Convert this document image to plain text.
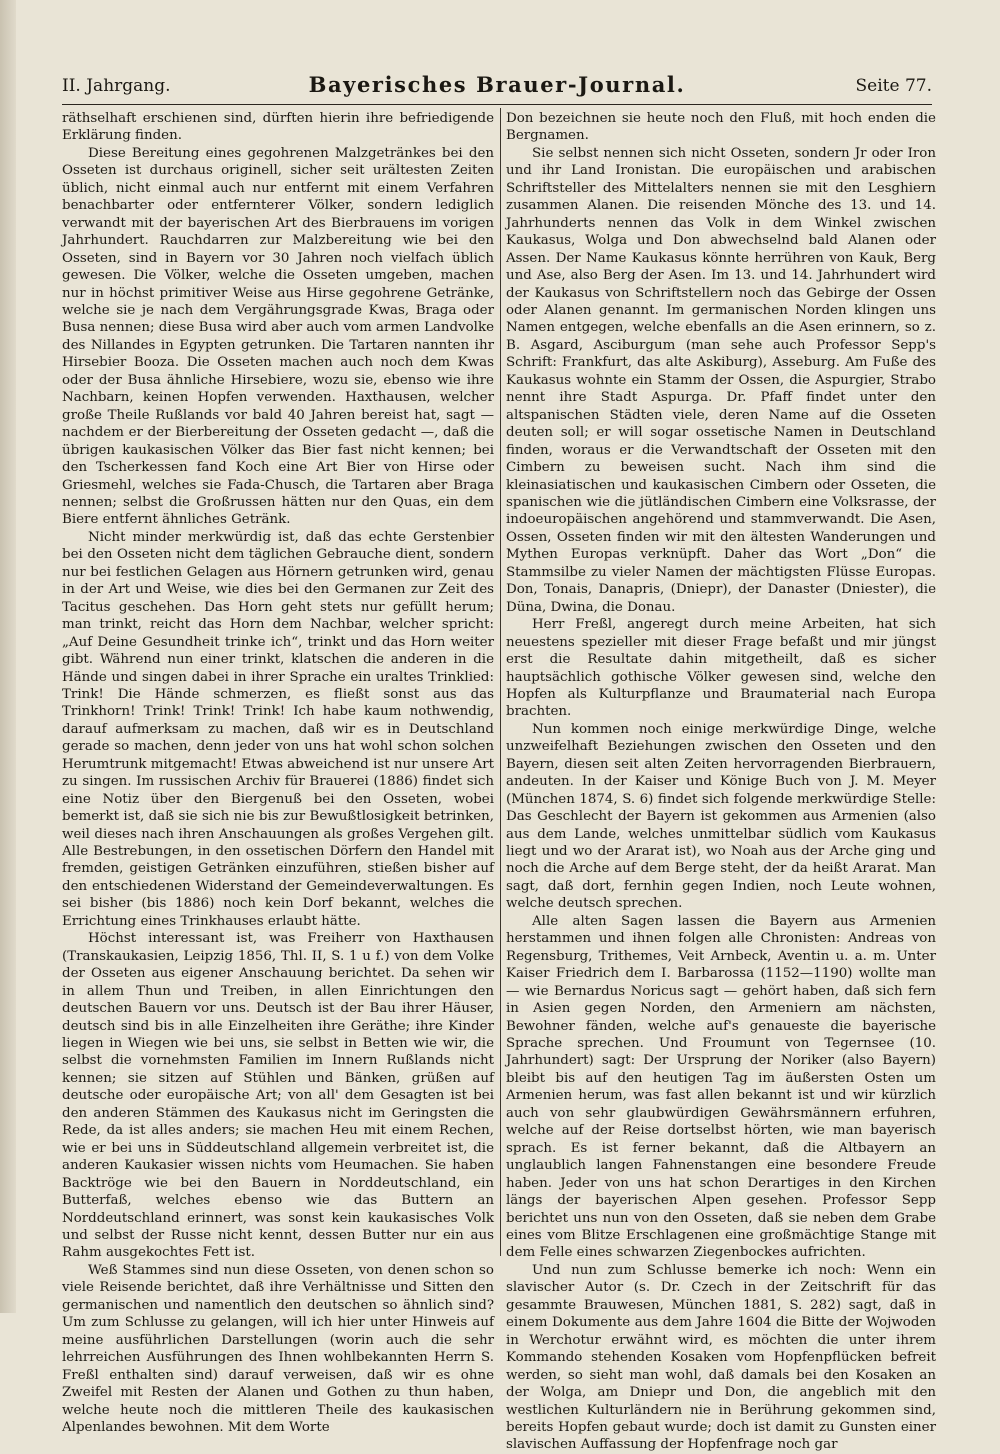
II. Jahrgang.	Bayerisches Brauer-Journal.	Seite 77.

räthselhaft erschienen sind, dürften hierin ihre befriedigende Erklärung finden.

Diese Bereitung eines gegohrenen Malzgetränkes bei den Osseten ist durchaus originell, sicher seit urältesten Zeiten üblich, nicht einmal auch nur entfernt mit einem Verfahren benachbarter oder entfernterer Völker, sondern lediglich verwandt mit der bayerischen Art des Bierbrauens im vorigen Jahrhundert. Rauchdarren zur Malzbereitung wie bei den Osseten, sind in Bayern vor 30 Jahren noch vielfach üblich gewesen. Die Völker, welche die Osseten umgeben, machen nur in höchst primitiver Weise aus Hirse gegohrene Getränke, welche sie je nach dem Vergährungsgrade Kwas, Braga oder Busa nennen; diese Busa wird aber auch vom armen Landvolke des Nillandes in Egypten getrunken. Die Tartaren nannten ihr Hirsebier Booza. Die Osseten machen auch noch dem Kwas oder der Busa ähnliche Hirsebiere, wozu sie, ebenso wie ihre Nachbarn, keinen Hopfen verwenden. Haxthausen, welcher große Theile Rußlands vor bald 40 Jahren bereist hat, sagt — nachdem er der Bierbereitung der Osseten gedacht —, daß die übrigen kaukasischen Völker das Bier fast nicht kennen; bei den Tscherkessen fand Koch eine Art Bier von Hirse oder Griesmehl, welches sie Fada-Chusch, die Tartaren aber Braga nennen; selbst die Großrussen hätten nur den Quas, ein dem Biere entfernt ähnliches Getränk.

Nicht minder merkwürdig ist, daß das echte Gerstenbier bei den Osseten nicht dem täglichen Gebrauche dient, sondern nur bei festlichen Gelagen aus Hörnern getrunken wird, genau in der Art und Weise, wie dies bei den Germanen zur Zeit des Tacitus geschehen. Das Horn geht stets nur gefüllt herum; man trinkt, reicht das Horn dem Nachbar, welcher spricht: „Auf Deine Gesundheit trinke ich“, trinkt und das Horn weiter gibt. Während nun einer trinkt, klatschen die anderen in die Hände und singen dabei in ihrer Sprache ein uraltes Trinklied: Trink! Die Hände schmerzen, es fließt sonst aus das Trinkhorn! Trink! Trink! Trink! Ich habe kaum nothwendig, darauf aufmerksam zu machen, daß wir es in Deutschland gerade so machen, denn jeder von uns hat wohl schon solchen Herumtrunk mitgemacht! Etwas abweichend ist nur unsere Art zu singen. Im russischen Archiv für Brauerei (1886) findet sich eine Notiz über den Biergenuß bei den Osseten, wobei bemerkt ist, daß sie sich nie bis zur Bewußtlosigkeit betrinken, weil dieses nach ihren Anschauungen als großes Vergehen gilt. Alle Bestrebungen, in den ossetischen Dörfern den Handel mit fremden, geistigen Getränken einzuführen, stießen bisher auf den entschiedenen Widerstand der Gemeindeverwaltungen. Es sei bisher (bis 1886) noch kein Dorf bekannt, welches die Errichtung eines Trinkhauses erlaubt hätte.

Höchst interessant ist, was Freiherr von Haxthausen (Transkaukasien, Leipzig 1856, Thl. II, S. 1 u f.) von dem Volke der Osseten aus eigener Anschauung berichtet. Da sehen wir in allem Thun und Treiben, in allen Einrichtungen den deutschen Bauern vor uns. Deutsch ist der Bau ihrer Häuser, deutsch sind bis in alle Einzelheiten ihre Geräthe; ihre Kinder liegen in Wiegen wie bei uns, sie selbst in Betten wie wir, die selbst die vornehmsten Familien im Innern Rußlands nicht kennen; sie sitzen auf Stühlen und Bänken, grüßen auf deutsche oder europäische Art; von all' dem Gesagten ist bei den anderen Stämmen des Kaukasus nicht im Geringsten die Rede, da ist alles anders; sie machen Heu mit einem Rechen, wie er bei uns in Süddeutschland allgemein verbreitet ist, die anderen Kaukasier wissen nichts vom Heumachen. Sie haben Backtröge wie bei den Bauern in Norddeutschland, ein Butterfaß, welches ebenso wie das Buttern an Norddeutschland erinnert, was sonst kein kaukasisches Volk und selbst der Russe nicht kennt, dessen Butter nur ein aus Rahm ausgekochtes Fett ist.

Weß Stammes sind nun diese Osseten, von denen schon so viele Reisende berichtet, daß ihre Verhältnisse und Sitten den germanischen und namentlich den deutschen so ähnlich sind? Um zum Schlusse zu gelangen, will ich hier unter Hinweis auf meine ausführlichen Darstellungen (worin auch die sehr lehrreichen Ausführungen des Ihnen wohlbekannten Herrn S. Freßl enthalten sind) darauf verweisen, daß wir es ohne Zweifel mit Resten der Alanen und Gothen zu thun haben, welche heute noch die mittleren Theile des kaukasischen Alpenlandes bewohnen. Mit dem Worte

Don bezeichnen sie heute noch den Fluß, mit hoch enden die Bergnamen.

Sie selbst nennen sich nicht Osseten, sondern Jr oder Iron und ihr Land Ironistan. Die europäischen und arabischen Schriftsteller des Mittelalters nennen sie mit den Lesghiern zusammen Alanen. Die reisenden Mönche des 13. und 14. Jahrhunderts nennen das Volk in dem Winkel zwischen Kaukasus, Wolga und Don abwechselnd bald Alanen oder Assen. Der Name Kaukasus könnte herrühren von Kauk, Berg und Ase, also Berg der Asen. Im 13. und 14. Jahrhundert wird der Kaukasus von Schriftstellern noch das Gebirge der Ossen oder Alanen genannt. Im germanischen Norden klingen uns Namen entgegen, welche ebenfalls an die Asen erinnern, so z. B. Asgard, Asciburgum (man sehe auch Professor Sepp's Schrift: Frankfurt, das alte Askiburg), Asseburg. Am Fuße des Kaukasus wohnte ein Stamm der Ossen, die Aspurgier, Strabo nennt ihre Stadt Aspurga. Dr. Pfaff findet unter den altspanischen Städten viele, deren Name auf die Osseten deuten soll; er will sogar ossetische Namen in Deutschland finden, woraus er die Verwandtschaft der Osseten mit den Cimbern zu beweisen sucht. Nach ihm sind die kleinasiatischen und kaukasischen Cimbern oder Osseten, die spanischen wie die jütländischen Cimbern eine Volksrasse, der indoeuropäischen angehörend und stammverwandt. Die Asen, Ossen, Osseten finden wir mit den ältesten Wanderungen und Mythen Europas verknüpft. Daher das Wort „Don“ die Stammsilbe zu vieler Namen der mächtigsten Flüsse Europas. Don, Tonais, Danapris, (Dniepr), der Danaster (Dniester), die Düna, Dwina, die Donau.

Herr Freßl, angeregt durch meine Arbeiten, hat sich neuestens spezieller mit dieser Frage befaßt und mir jüngst erst die Resultate dahin mitgetheilt, daß es sicher hauptsächlich gothische Völker gewesen sind, welche den Hopfen als Kulturpflanze und Braumaterial nach Europa brachten.

Nun kommen noch einige merkwürdige Dinge, welche unzweifelhaft Beziehungen zwischen den Osseten und den Bayern, diesen seit alten Zeiten hervorragenden Bierbrauern, andeuten. In der Kaiser und Könige Buch von J. M. Meyer (München 1874, S. 6) findet sich folgende merkwürdige Stelle: Das Geschlecht der Bayern ist gekommen aus Armenien (also aus dem Lande, welches unmittelbar südlich vom Kaukasus liegt und wo der Ararat ist), wo Noah aus der Arche ging und noch die Arche auf dem Berge steht, der da heißt Ararat. Man sagt, daß dort, fernhin gegen Indien, noch Leute wohnen, welche deutsch sprechen.

Alle alten Sagen lassen die Bayern aus Armenien herstammen und ihnen folgen alle Chronisten: Andreas von Regensburg, Trithemes, Veit Arnbeck, Aventin u. a. m. Unter Kaiser Friedrich dem I. Barbarossa (1152—1190) wollte man — wie Bernardus Noricus sagt — gehört haben, daß sich fern in Asien gegen Norden, den Armeniern am nächsten, Bewohner fänden, welche auf's genaueste die bayerische Sprache sprechen. Und Froumunt von Tegernsee (10. Jahrhundert) sagt: Der Ursprung der Noriker (also Bayern) bleibt bis auf den heutigen Tag im äußersten Osten um Armenien herum, was fast allen bekannt ist und wir kürzlich auch von sehr glaubwürdigen Gewährsmännern erfuhren, welche auf der Reise dortselbst hörten, wie man bayerisch sprach. Es ist ferner bekannt, daß die Altbayern an unglaublich langen Fahnenstangen eine besondere Freude haben. Jeder von uns hat schon Derartiges in den Kirchen längs der bayerischen Alpen gesehen. Professor Sepp berichtet uns nun von den Osseten, daß sie neben dem Grabe eines vom Blitze Erschlagenen eine großmächtige Stange mit dem Felle eines schwarzen Ziegenbockes aufrichten.

Und nun zum Schlusse bemerke ich noch: Wenn ein slavischer Autor (s. Dr. Czech in der Zeitschrift für das gesammte Brauwesen, München 1881, S. 282) sagt, daß in einem Dokumente aus dem Jahre 1604 die Bitte der Wojwoden in Werchotur erwähnt wird, es möchten die unter ihrem Kommando stehenden Kosaken vom Hopfenpflücken befreit werden, so sieht man wohl, daß damals bei den Kosaken an der Wolga, am Dniepr und Don, die angeblich mit den westlichen Kulturländern nie in Berührung gekommen sind, bereits Hopfen gebaut wurde; doch ist damit zu Gunsten einer slavischen Auffassung der Hopfenfrage noch gar
